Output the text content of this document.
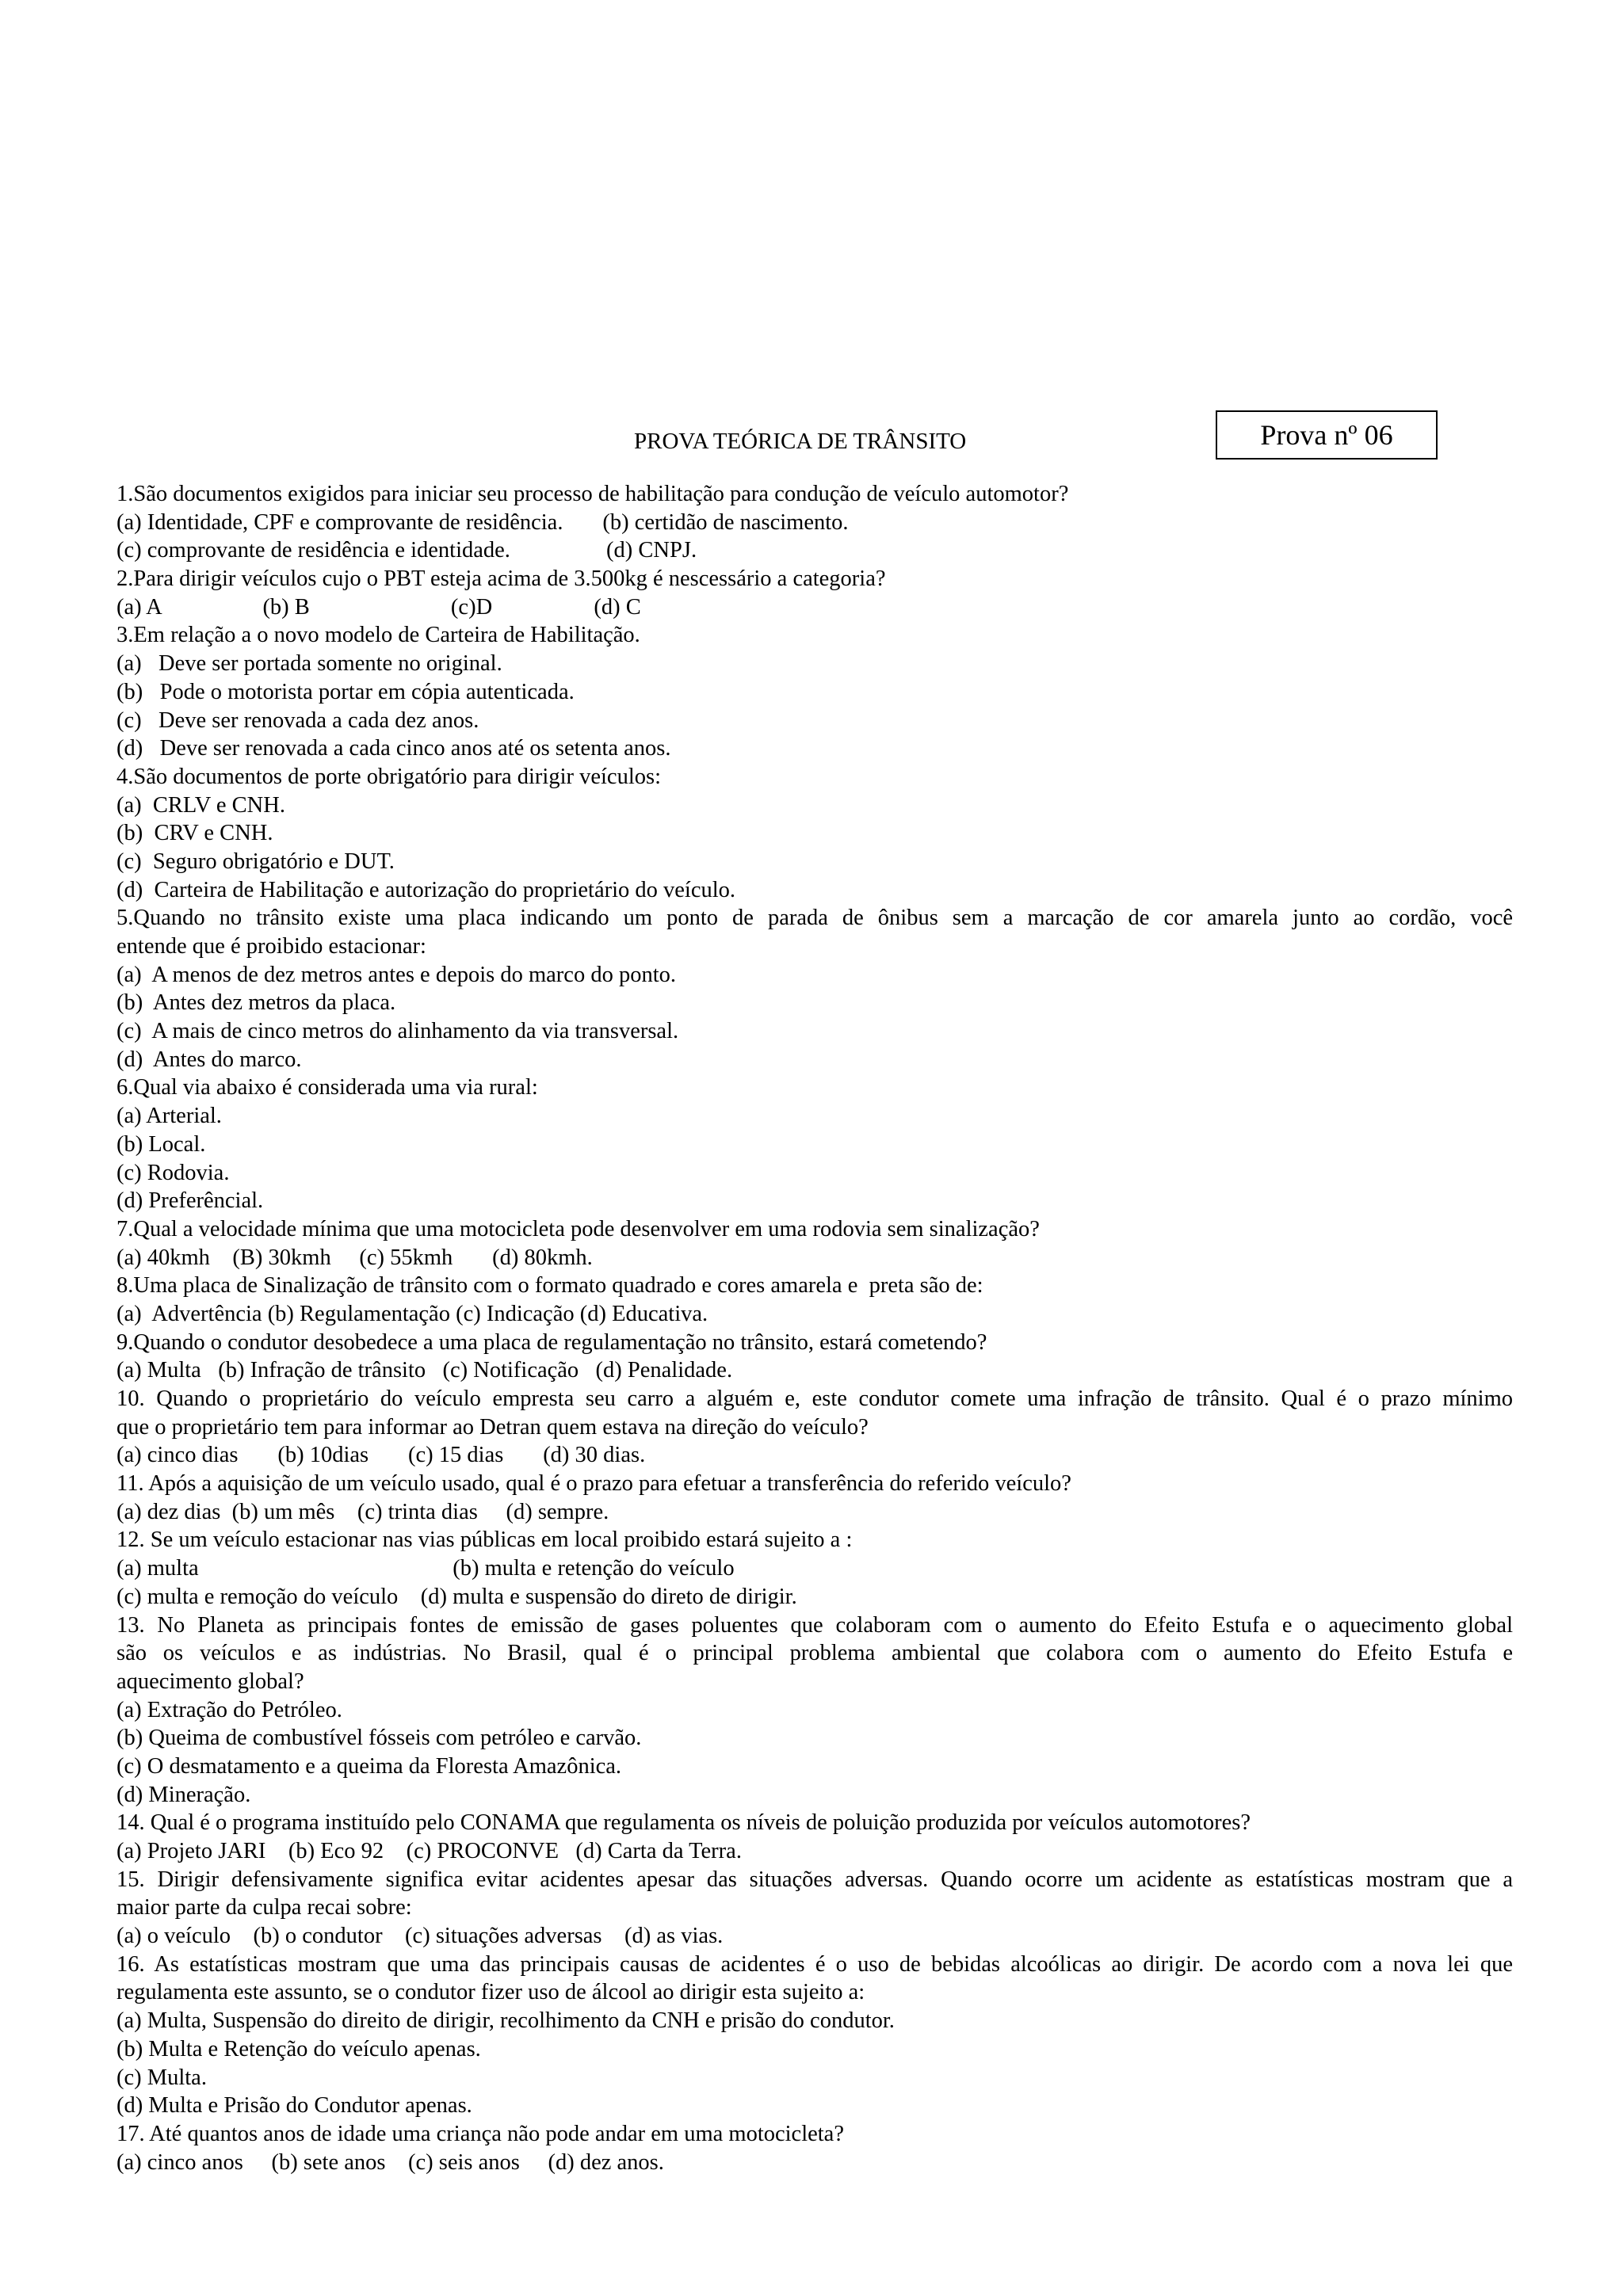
PROVA TEÓRICA DE TRÂNSITO	Prova nº 06
1.São documentos exigidos para iniciar seu processo de habilitação para condução de veículo automotor?
(a) Identidade, CPF e comprovante de residência.       (b) certidão de nascimento.
(c) comprovante de residência e identidade.                 (d) CNPJ.
2.Para dirigir veículos cujo o PBT esteja acima de 3.500kg é nescessário a categoria?
(a) A                  (b) B                         (c)D                  (d) C
3.Em relação a o novo modelo de Carteira de Habilitação.
(a)   Deve ser portada somente no original.
(b)   Pode o motorista portar em cópia autenticada.
(c)   Deve ser renovada a cada dez anos.
(d)   Deve ser renovada a cada cinco anos até os setenta anos.
4.São documentos de porte obrigatório para dirigir veículos:
(a)  CRLV e CNH.
(b)  CRV e CNH.
(c)  Seguro obrigatório e DUT.
(d)  Carteira de Habilitação e autorização do proprietário do veículo.
5.Quando no trânsito existe uma placa indicando um ponto de parada de ônibus sem a marcação de cor amarela junto ao cordão, você
entende que é proibido estacionar:
(a)  A menos de dez metros antes e depois do marco do ponto.
(b)  Antes dez metros da placa.
(c)  A mais de cinco metros do alinhamento da via transversal.
(d)  Antes do marco.
6.Qual via abaixo é considerada uma via rural:
(a) Arterial.
(b) Local.
(c) Rodovia.
(d) Preferêncial.
7.Qual a velocidade mínima que uma motocicleta pode desenvolver em uma rodovia sem sinalização?
(a) 40kmh    (B) 30kmh     (c) 55kmh       (d) 80kmh.
8.Uma placa de Sinalização de trânsito com o formato quadrado e cores amarela e  preta são de:
(a)  Advertência (b) Regulamentação (c) Indicação (d) Educativa.
9.Quando o condutor desobedece a uma placa de regulamentação no trânsito, estará cometendo?
(a) Multa   (b) Infração de trânsito   (c) Notificação   (d) Penalidade.
10. Quando o proprietário do veículo empresta seu carro a alguém e, este condutor comete uma infração de trânsito. Qual é o prazo mínimo
que o proprietário tem para informar ao Detran quem estava na direção do veículo?
(a) cinco dias       (b) 10dias       (c) 15 dias       (d) 30 dias.
11. Após a aquisição de um veículo usado, qual é o prazo para efetuar a transferência do referido veículo?
(a) dez dias  (b) um mês    (c) trinta dias     (d) sempre.
12. Se um veículo estacionar nas vias públicas em local proibido estará sujeito a :
(a) multa                                             (b) multa e retenção do veículo
(c) multa e remoção do veículo    (d) multa e suspensão do direto de dirigir.
13. No Planeta as principais fontes de emissão de gases poluentes que colaboram com o aumento do Efeito Estufa e o aquecimento global
são os veículos e as indústrias. No Brasil, qual é o principal problema ambiental que colabora com o aumento do Efeito Estufa e
aquecimento global?
(a) Extração do Petróleo.
(b) Queima de combustível fósseis com petróleo e carvão.
(c) O desmatamento e a queima da Floresta Amazônica.
(d) Mineração.
14. Qual é o programa instituído pelo CONAMA que regulamenta os níveis de poluição produzida por veículos automotores?
(a) Projeto JARI    (b) Eco 92    (c) PROCONVE   (d) Carta da Terra.
15. Dirigir defensivamente significa evitar acidentes apesar das situações adversas. Quando ocorre um acidente as estatísticas mostram que a
maior parte da culpa recai sobre:
(a) o veículo    (b) o condutor    (c) situações adversas    (d) as vias.
16. As estatísticas mostram que uma das principais causas de acidentes é o uso de bebidas alcoólicas ao dirigir. De acordo com a nova lei que
regulamenta este assunto, se o condutor fizer uso de álcool ao dirigir esta sujeito a:
(a) Multa, Suspensão do direito de dirigir, recolhimento da CNH e prisão do condutor.
(b) Multa e Retenção do veículo apenas.
(c) Multa.
(d) Multa e Prisão do Condutor apenas.
17. Até quantos anos de idade uma criança não pode andar em uma motocicleta?
(a) cinco anos     (b) sete anos    (c) seis anos     (d) dez anos.
